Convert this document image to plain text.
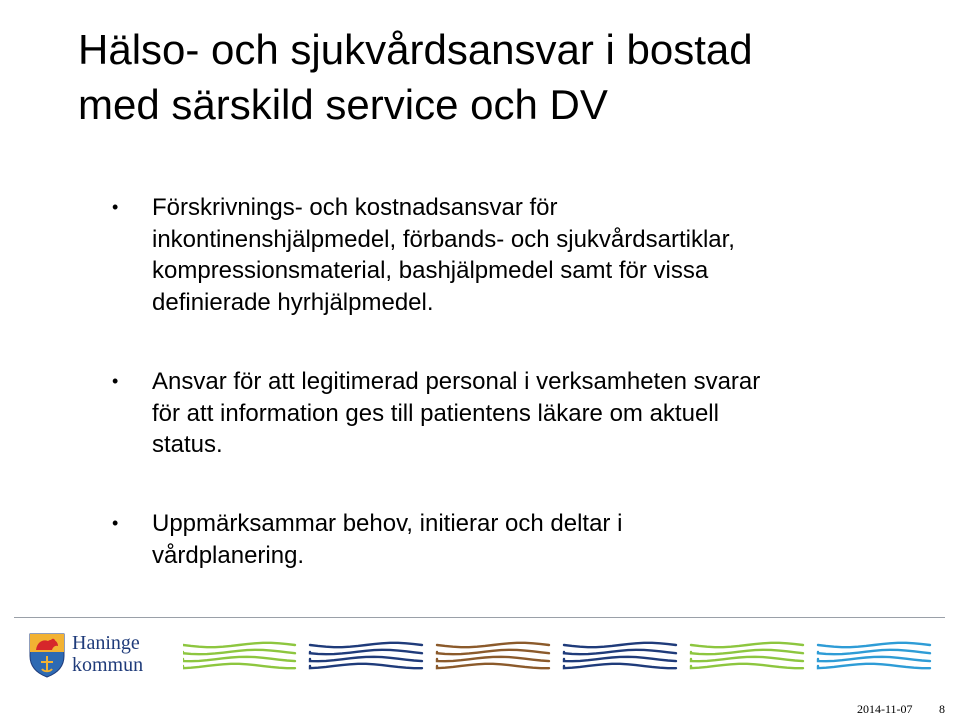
Hälso- och sjukvårdsansvar i bostad
med särskild service och DV
• Förskrivnings- och kostnadsansvar för
inkontinenshjälpmedel, förbands- och sjukvårdsartiklar,
kompressionsmaterial, bashjälpmedel samt för vissa
definierade hyrhjälpmedel.
• Ansvar för att legitimerad personal i verksamheten svarar
för att information ges till patientens läkare om aktuell
status.
• Uppmärksammar behov, initierar och deltar i
vårdplanering.
Haninge
kommun
2014-11-07 8
